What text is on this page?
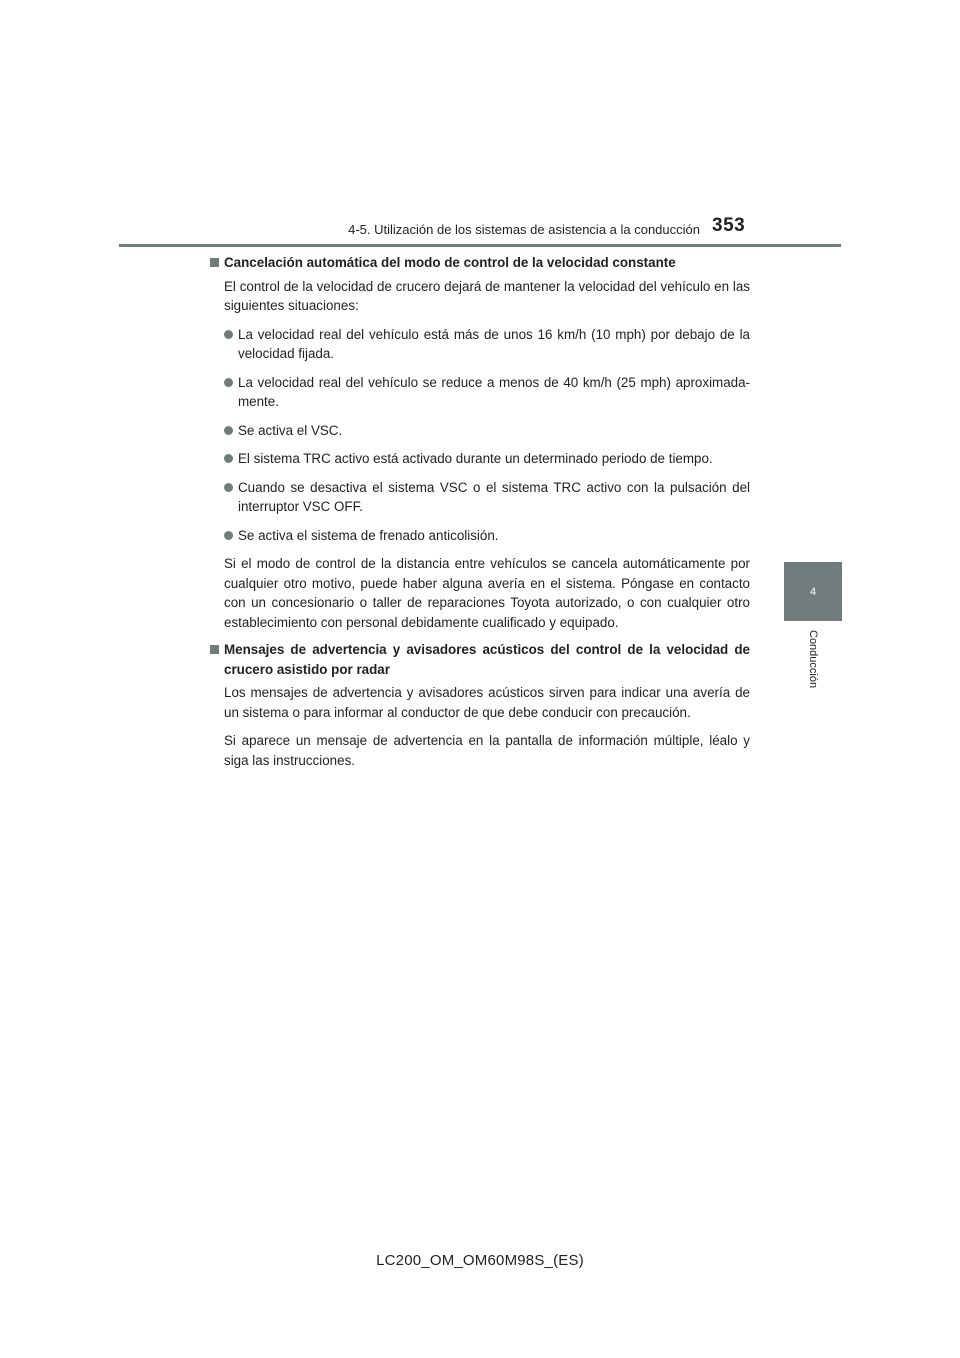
4-5. Utilización de los sistemas de asistencia a la conducción 353
4
Conducción
Cancelación automática del modo de control de la velocidad constante
El control de la velocidad de crucero dejará de mantener la velocidad del vehículo en las siguientes situaciones:
La velocidad real del vehículo está más de unos 16 km/h (10 mph) por debajo de la velocidad fijada.
La velocidad real del vehículo se reduce a menos de 40 km/h (25 mph) aproximada-mente.
Se activa el VSC.
El sistema TRC activo está activado durante un determinado periodo de tiempo.
Cuando se desactiva el sistema VSC o el sistema TRC activo con la pulsación del interruptor VSC OFF.
Se activa el sistema de frenado anticolisión.
Si el modo de control de la distancia entre vehículos se cancela automáticamente por cualquier otro motivo, puede haber alguna avería en el sistema. Póngase en contacto con un concesionario o taller de reparaciones Toyota autorizado, o con cualquier otro establecimiento con personal debidamente cualificado y equipado.
Mensajes de advertencia y avisadores acústicos del control de la velocidad de crucero asistido por radar
Los mensajes de advertencia y avisadores acústicos sirven para indicar una avería de un sistema o para informar al conductor de que debe conducir con precaución.
Si aparece un mensaje de advertencia en la pantalla de información múltiple, léalo y siga las instrucciones.
LC200_OM_OM60M98S_(ES)
